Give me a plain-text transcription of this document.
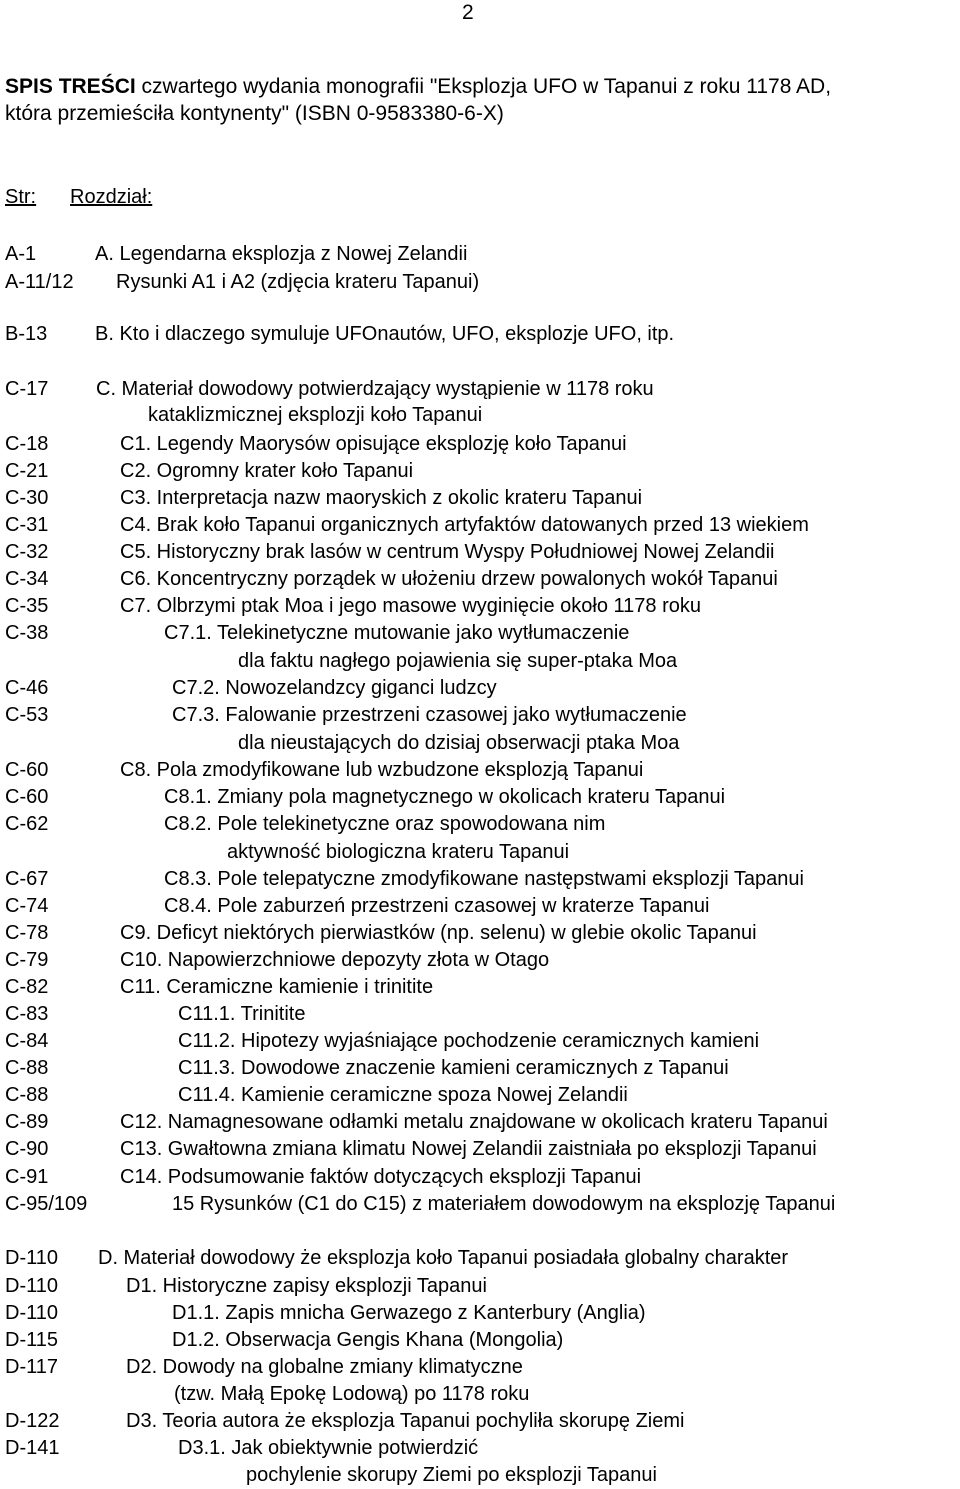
2
SPIS TREŚCI czwartego wydania monografii "Eksplozja UFO w Tapanui z roku 1178 AD,
która przemieściła kontynenty" (ISBN 0-9583380-6-X)
Str: Rozdział:
A-1	A. Legendarna eksplozja z Nowej Zelandii
A-11/12 Rysunki A1 i A2 (zdjęcia krateru Tapanui)
B-13 B. Kto i dlaczego symuluje UFOnautów, UFO, eksplozje UFO, itp.
C-17 C. Materiał dowodowy potwierdzający wystąpienie w 1178 roku
kataklizmicznej eksplozji koło Tapanui
C-18	C1. Legendy Maorysów opisujące eksplozję koło Tapanui
C-21	C2. Ogromny krater koło Tapanui
C-30	C3. Interpretacja nazw maoryskich z okolic krateru Tapanui
C-31	C4. Brak koło Tapanui organicznych artyfaktów datowanych przed 13 wiekiem
C-32	C5. Historyczny brak lasów w centrum Wyspy Południowej Nowej Zelandii
C-34	C6. Koncentryczny porządek w ułożeniu drzew powalonych wokół Tapanui
C-35	C7. Olbrzymi ptak Moa i jego masowe wyginięcie około 1178 roku
C-38	C7.1. Telekinetyczne mutowanie jako wytłumaczenie
dla faktu nagłego pojawienia się super-ptaka Moa
C-46	C7.2. Nowozelandzcy giganci ludzcy
C-53	C7.3. Falowanie przestrzeni czasowej jako wytłumaczenie
dla nieustających do dzisiaj obserwacji ptaka Moa
C-60	C8. Pola zmodyfikowane lub wzbudzone eksplozją Tapanui
C-60	C8.1. Zmiany pola magnetycznego w okolicach krateru Tapanui
C-62	C8.2. Pole telekinetyczne oraz spowodowana nim
aktywność biologiczna krateru Tapanui
C-67	C8.3. Pole telepatyczne zmodyfikowane następstwami eksplozji Tapanui
C-74	C8.4. Pole zaburzeń przestrzeni czasowej w kraterze Tapanui
C-78	C9. Deficyt niektórych pierwiastków (np. selenu) w glebie okolic Tapanui
C-79	C10. Napowierzchniowe depozyty złota w Otago
C-82	C11. Ceramiczne kamienie i trinitite
C-83	C11.1. Trinitite
C-84	C11.2. Hipotezy wyjaśniające pochodzenie ceramicznych kamieni
C-88	C11.3. Dowodowe znaczenie kamieni ceramicznych z Tapanui
C-88	C11.4. Kamienie ceramiczne spoza Nowej Zelandii
C-89	C12. Namagnesowane odłamki metalu znajdowane w okolicach krateru Tapanui
C-90	C13. Gwałtowna zmiana klimatu Nowej Zelandii zaistniała po eksplozji Tapanui
C-91	C14. Podsumowanie faktów dotyczących eksplozji Tapanui
C-95/109	15 Rysunków (C1 do C15) z materiałem dowodowym na eksplozję Tapanui
D-110 D. Materiał dowodowy że eksplozja koło Tapanui posiadała globalny charakter
D-110	D1. Historyczne zapisy eksplozji Tapanui
D-110	D1.1. Zapis mnicha Gerwazego z Kanterbury (Anglia)
D-115	D1.2. Obserwacja Gengis Khana (Mongolia)
D-117	D2. Dowody na globalne zmiany klimatyczne
(tzw. Małą Epokę Lodową) po 1178 roku
D-122	D3. Teoria autora że eksplozja Tapanui pochyliła skorupę Ziemi
D-141	D3.1. Jak obiektywnie potwierdzić
pochylenie skorupy Ziemi po eksplozji Tapanui
